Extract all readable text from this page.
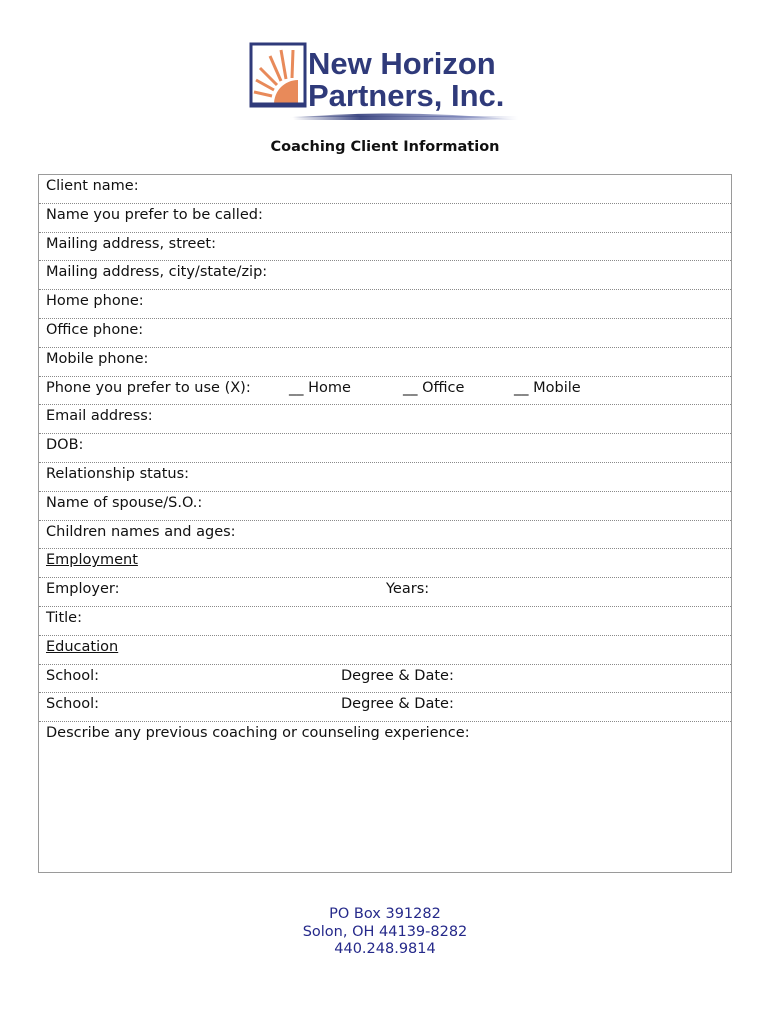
New Horizon
Partners, Inc.
Coaching Client Information
Client name:
Name you prefer to be called:
Mailing address, street:
Mailing address, city/state/zip:
Home phone:
Office phone:
Mobile phone:
Phone you prefer to use (X):	__ Home	__ Office	__ Mobile
Email address:
DOB:
Relationship status:
Name of spouse/S.O.:
Children names and ages:
Employment
Employer:	Years:
Title:
Education
School:	Degree & Date:
School:	Degree & Date:
Describe any previous coaching or counseling experience:
PO Box 391282
Solon, OH 44139-8282
440.248.9814
